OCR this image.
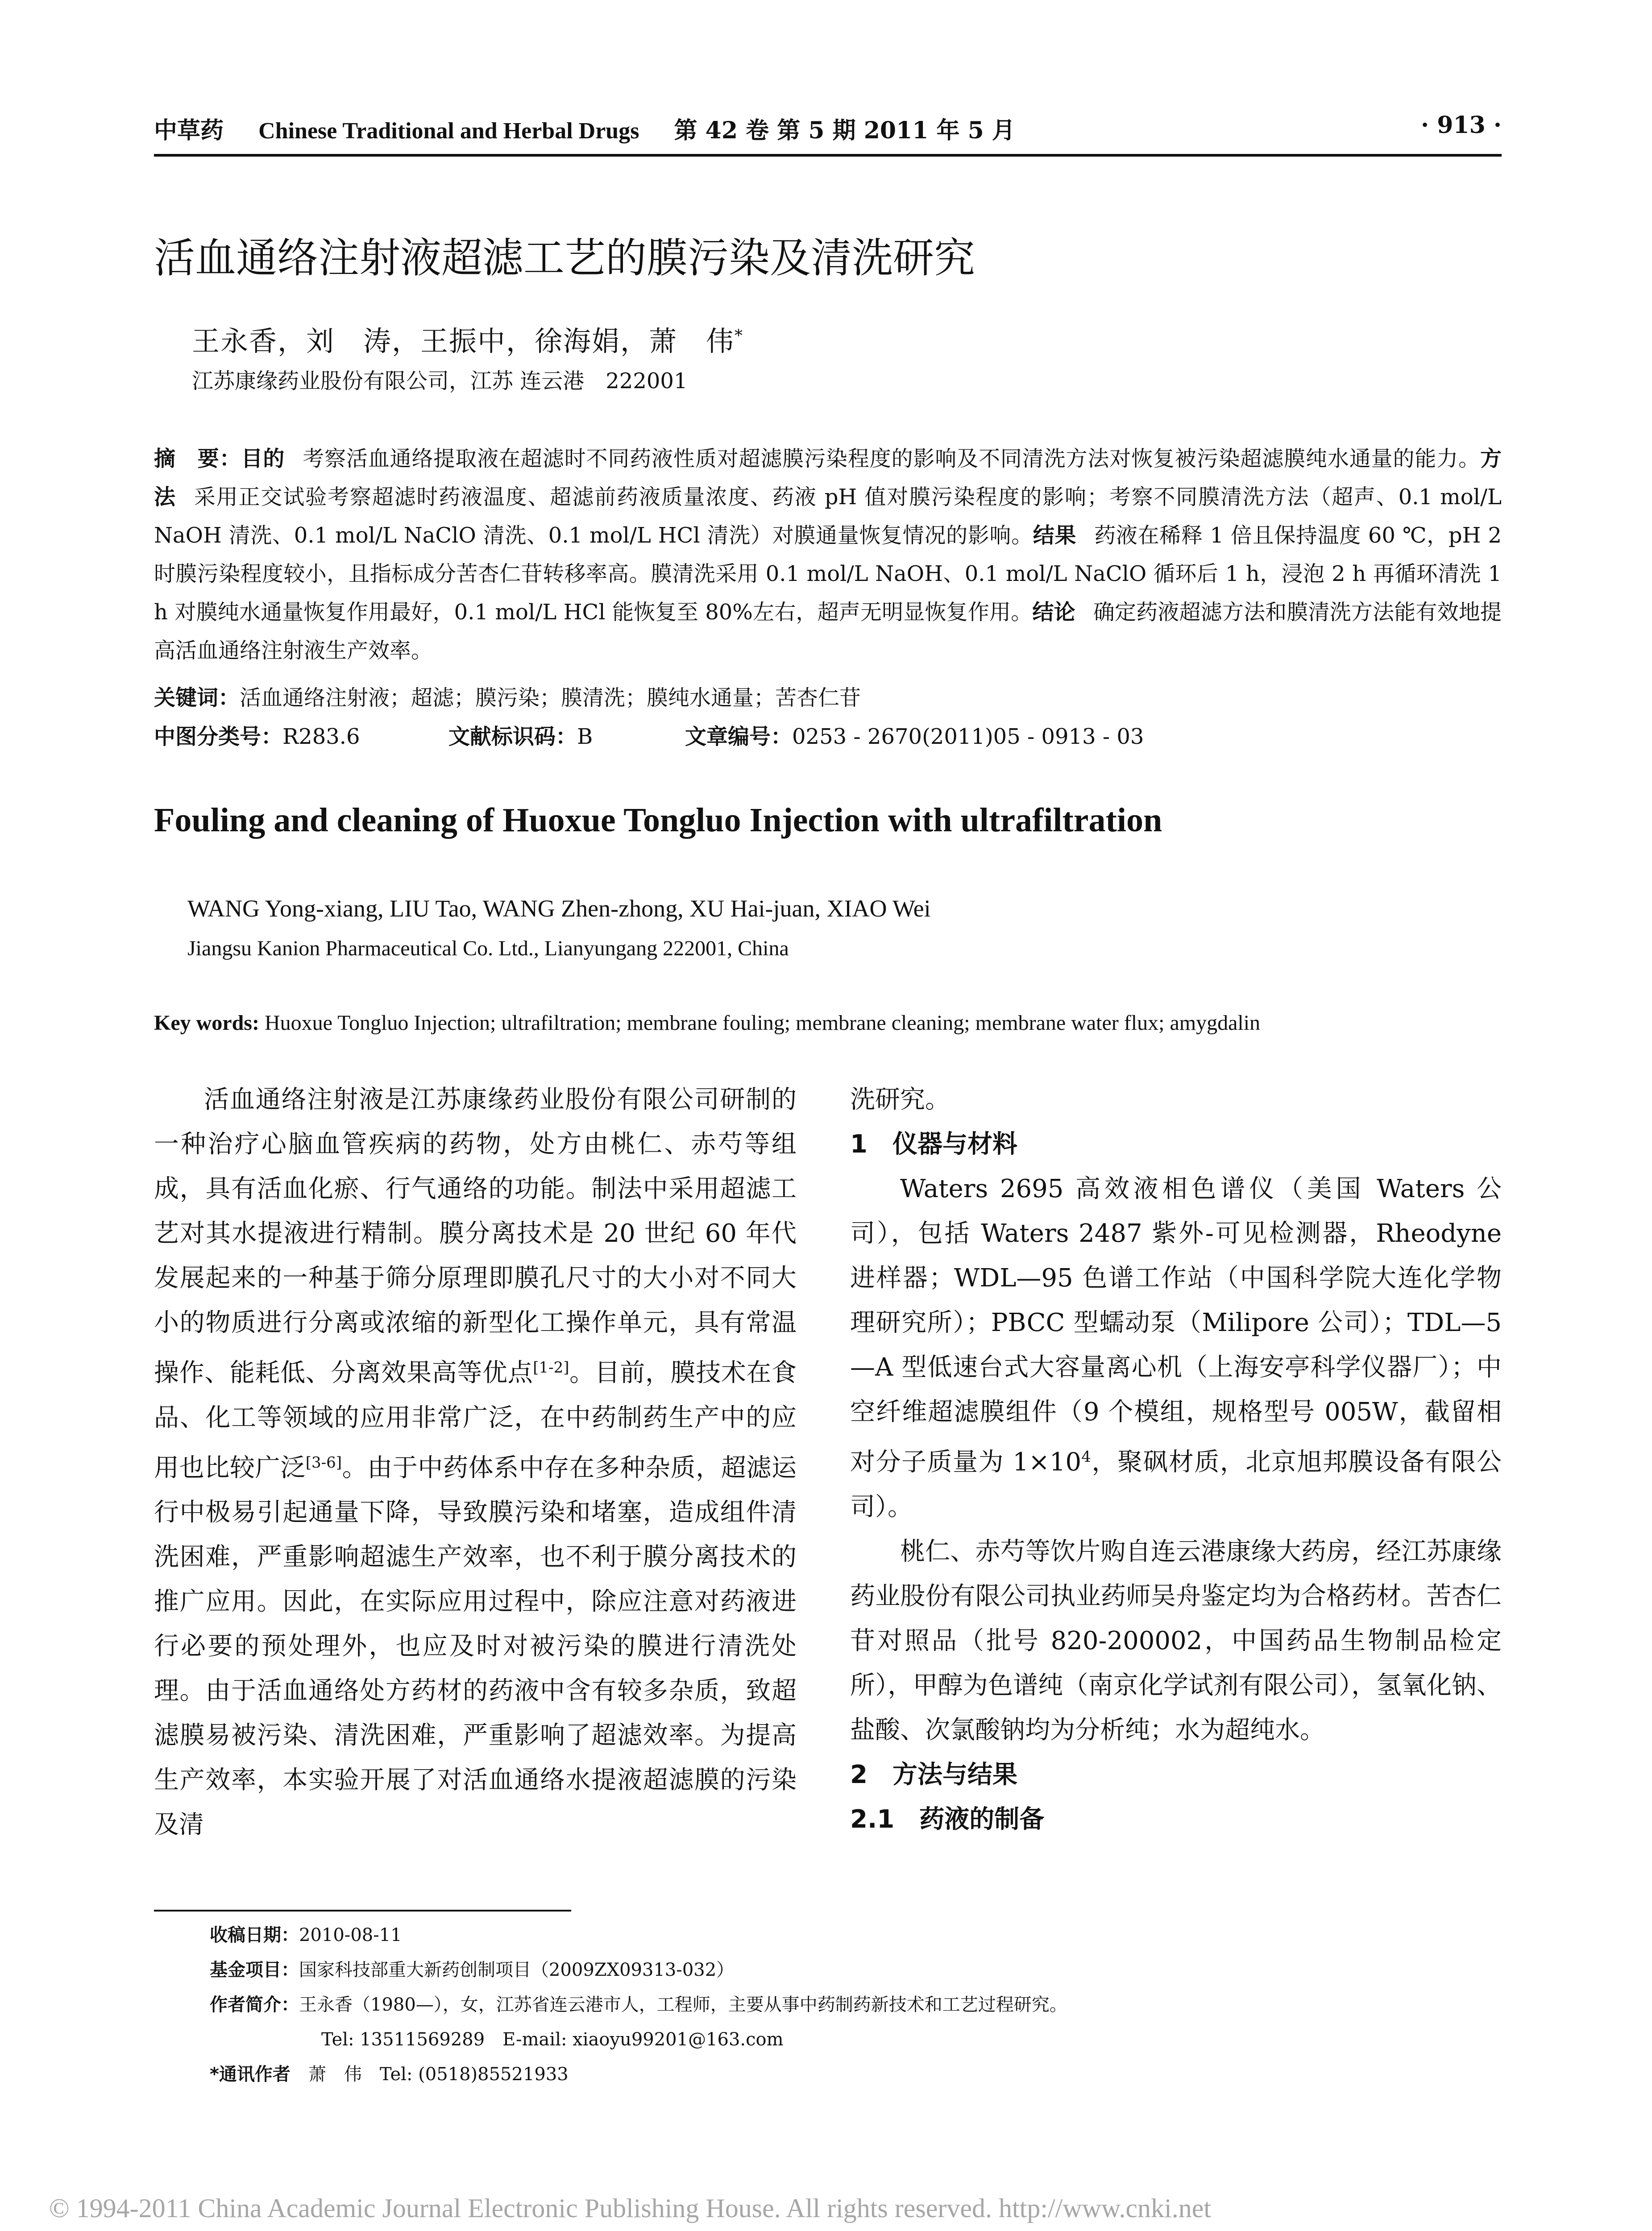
中草药 Chinese Traditional and Herbal Drugs 第 42 卷 第 5 期 2011 年 5 月	· 913 ·
活血通络注射液超滤工艺的膜污染及清洗研究
王永香，刘　涛，王振中，徐海娟，萧　伟*
江苏康缘药业股份有限公司，江苏 连云港　222001
摘　要：目的 考察活血通络提取液在超滤时不同药液性质对超滤膜污染程度的影响及不同清洗方法对恢复被污染超滤膜纯水通量的能力。方法 采用正交试验考察超滤时药液温度、超滤前药液质量浓度、药液 pH 值对膜污染程度的影响；考察不同膜清洗方法（超声、0.1 mol/L NaOH 清洗、0.1 mol/L NaClO 清洗、0.1 mol/L HCl 清洗）对膜通量恢复情况的影响。结果 药液在稀释 1 倍且保持温度 60 ℃，pH 2 时膜污染程度较小，且指标成分苦杏仁苷转移率高。膜清洗采用 0.1 mol/L NaOH、0.1 mol/L NaClO 循环后 1 h，浸泡 2 h 再循环清洗 1 h 对膜纯水通量恢复作用最好，0.1 mol/L HCl 能恢复至 80%左右，超声无明显恢复作用。结论 确定药液超滤方法和膜清洗方法能有效地提高活血通络注射液生产效率。
关键词：活血通络注射液；超滤；膜污染；膜清洗；膜纯水通量；苦杏仁苷
中图分类号：R283.6	文献标识码：B	文章编号：0253 - 2670(2011)05 - 0913 - 03
Fouling and cleaning of Huoxue Tongluo Injection with ultrafiltration
WANG Yong-xiang, LIU Tao, WANG Zhen-zhong, XU Hai-juan, XIAO Wei
Jiangsu Kanion Pharmaceutical Co. Ltd., Lianyungang 222001, China
Key words: Huoxue Tongluo Injection; ultrafiltration; membrane fouling; membrane cleaning; membrane water flux; amygdalin

活血通络注射液是江苏康缘药业股份有限公司研制的一种治疗心脑血管疾病的药物，处方由桃仁、赤芍等组成，具有活血化瘀、行气通络的功能。制法中采用超滤工艺对其水提液进行精制。膜分离技术是 20 世纪 60 年代发展起来的一种基于筛分原理即膜孔尺寸的大小对不同大小的物质进行分离或浓缩的新型化工操作单元，具有常温操作、能耗低、分离效果高等优点[1-2]。目前，膜技术在食品、化工等领域的应用非常广泛，在中药制药生产中的应用也比较广泛[3-6]。由于中药体系中存在多种杂质，超滤运行中极易引起通量下降，导致膜污染和堵塞，造成组件清洗困难，严重影响超滤生产效率，也不利于膜分离技术的推广应用。因此，在实际应用过程中，除应注意对药液进行必要的预处理外，也应及时对被污染的膜进行清洗处理。由于活血通络处方药材的药液中含有较多杂质，致超滤膜易被污染、清洗困难，严重影响了超滤效率。为提高生产效率，本实验开展了对活血通络水提液超滤膜的污染及清

洗研究。

1　仪器与材料

Waters 2695 高效液相色谱仪（美国 Waters 公司），包括 Waters 2487 紫外-可见检测器，Rheodyne 进样器；WDL—95 色谱工作站（中国科学院大连化学物理研究所）；PBCC 型蠕动泵（Milipore 公司）；TDL—5—A 型低速台式大容量离心机（上海安亭科学仪器厂）；中空纤维超滤膜组件（9 个模组，规格型号 005W，截留相对分子质量为 $1\times 10^4$，聚砜材质，北京旭邦膜设备有限公司）。

桃仁、赤芍等饮片购自连云港康缘大药房，经江苏康缘药业股份有限公司执业药师吴舟鉴定均为合格药材。苦杏仁苷对照品（批号 820-200002，中国药品生物制品检定所），甲醇为色谱纯（南京化学试剂有限公司），氢氧化钠、盐酸、次氯酸钠均为分析纯；水为超纯水。

2　方法与结果
2.1　药液的制备
收稿日期：2010-08-11
基金项目：国家科技部重大新药创制项目（2009ZX09313-032）
作者简介：王永香（1980—），女，江苏省连云港市人，工程师，主要从事中药制药新技术和工艺过程研究。
Tel: 13511569289　E-mail: xiaoyu99201@163.com
*通讯作者　 萧　伟　Tel: (0518)85521933
© 1994-2011 China Academic Journal Electronic Publishing House. All rights reserved. http://www.cnki.net
